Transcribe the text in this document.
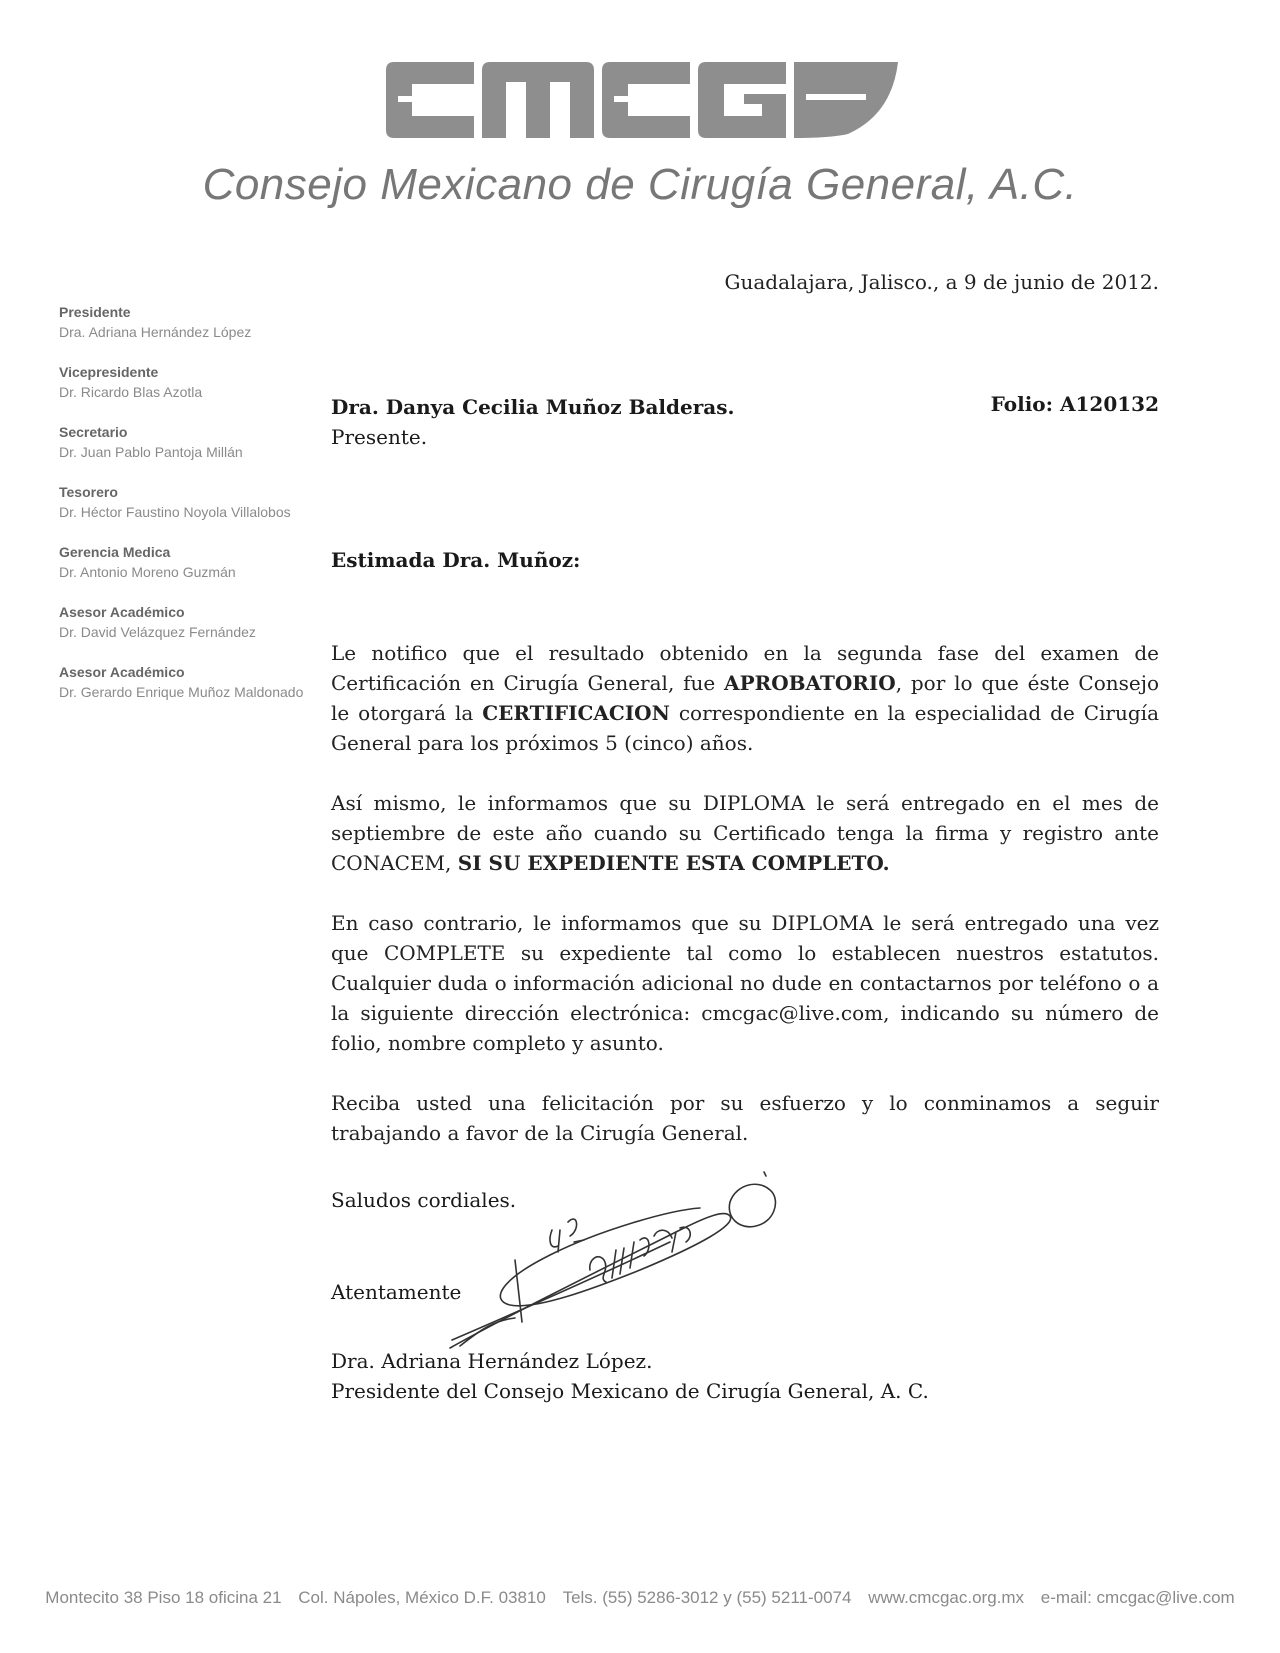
Consejo Mexicano de Cirugía General, A.C.
Presidente
Dra. Adriana Hernández López
Vicepresidente
Dr. Ricardo Blas Azotla
Secretario
Dr. Juan Pablo Pantoja Millán
Tesorero
Dr. Héctor Faustino Noyola Villalobos
Gerencia Medica
Dr. Antonio Moreno Guzmán
Asesor Académico
Dr. David Velázquez Fernández
Asesor Académico
Dr. Gerardo Enrique Muñoz Maldonado
Guadalajara, Jalisco., a 9 de junio de 2012.
Dra. Danya Cecilia Muñoz Balderas.
Presente.
Folio: A120132
Estimada Dra. Muñoz:

Le notifico que el resultado obtenido en la segunda fase del examen de Certificación en Cirugía General, fue APROBATORIO, por lo que éste Consejo le otorgará la CERTIFICACION correspondiente en la especialidad de Cirugía General para los próximos 5 (cinco) años.

Así mismo, le informamos que su DIPLOMA le será entregado en el mes de septiembre de este año cuando su Certificado tenga la firma y registro ante CONACEM, SI SU EXPEDIENTE ESTA COMPLETO.

En caso contrario, le informamos que su DIPLOMA le será entregado una vez que COMPLETE su expediente tal como lo establecen nuestros estatutos. Cualquier duda o información adicional no dude en contactarnos por teléfono o a la siguiente dirección electrónica: cmcgac@live.com, indicando su número de folio, nombre completo y asunto.

Reciba usted una felicitación por su esfuerzo y lo conminamos a seguir trabajando a favor de la Cirugía General.

Saludos cordiales.
Atentamente
Dra. Adriana Hernández López.
Presidente del Consejo Mexicano de Cirugía General, A. C.
Montecito 38 Piso 18 oficina 21 Col. Nápoles, México D.F. 03810 Tels. (55) 5286-3012 y (55) 5211-0074 www.cmcgac.org.mx e-mail: cmcgac@live.com
